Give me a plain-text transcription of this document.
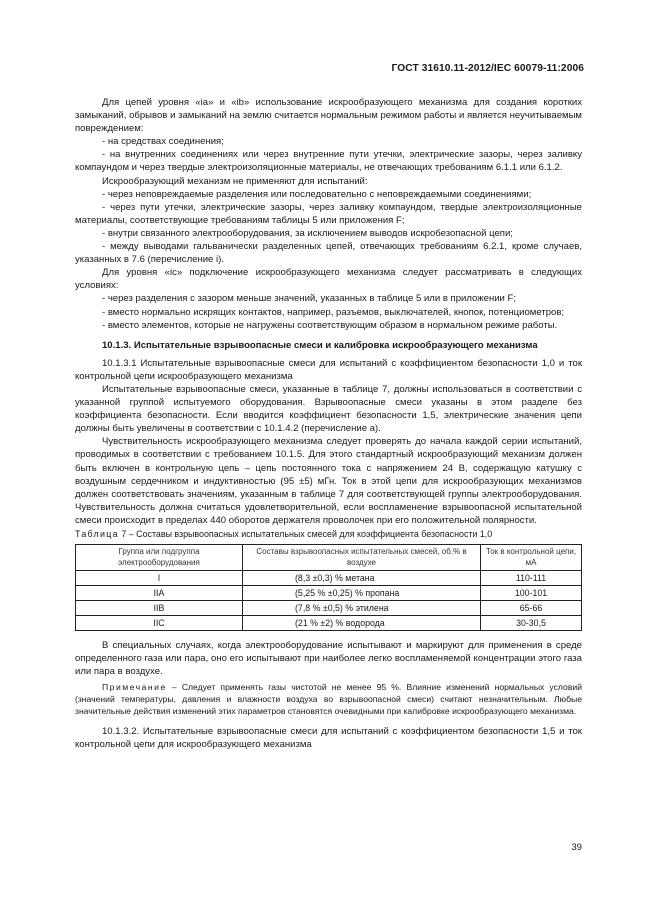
ГОСТ 31610.11-2012/IEC 60079-11:2006

Для цепей уровня «ia» и «ib» использование искрообразующего механизма для создания коротких замыканий, обрывов и замыканий на землю считается нормальным режимом работы и является неучитываемым повреждением:

- на средствах соединения;

- на внутренних соединениях или через внутренние пути утечки, электрические зазоры, через заливку компаундом и через твердые электроизоляционные материалы, не отвечающих требованиям 6.1.1 или 6.1.2.

Искрообразующий механизм не применяют для испытаний:

- через неповреждаемые разделения или последовательно с неповреждаемыми соединениями;

- через пути утечки, электрические зазоры, через заливку компаундом, твердые электроизоляционные материалы, соответствующие требованиям таблицы 5 или приложения F;

- внутри связанного электрооборудования, за исключением выводов искробезопасной цепи;

- между выводами гальванически разделенных цепей, отвечающих требованиям 6.2.1, кроме случаев, указанных в 7.6 (перечисление i).

Для уровня «ic» подключение искрообразующего механизма следует рассматривать в следующих условиях:

- через разделения с зазором меньше значений, указанных в таблице 5 или в приложении F;

- вместо нормально искрящих контактов, например, разъемов, выключателей, кнопок, потенциометров;

- вместо элементов, которые не нагружены соответствующим образом в нормальном режиме работы.

10.1.3. Испытательные взрывоопасные смеси и калибровка искрообразующего механизма

10.1.3.1 Испытательные взрывоопасные смеси для испытаний с коэффициентом безопасности 1,0 и ток контрольной цепи искрообразующего механизма

Испытательные взрывоопасные смеси, указанные в таблице 7, должны использоваться в соответствии с указанной группой испытуемого оборудования. Взрывоопасные смеси указаны в этом разделе без коэффициента безопасности. Если вводится коэффициент безопасности 1,5, электрические значения цепи должны быть увеличены в соответствии с 10.1.4.2 (перечисление а).

Чувствительность искрообразующего механизма следует проверять до начала каждой серии испытаний, проводимых в соответствии с требованием 10.1.5. Для этого стандартный искрообразующий механизм должен быть включен в контрольную цепь – цепь постоянного тока с напряжением 24 В, содержащую катушку с воздушным сердечником и индуктивностью (95 ±5) мГн. Ток в этой цепи для искрообразующих механизмов должен соответствовать значениям, указанным в таблице 7 для соответствующей группы электрооборудования. Чувствительность должна считаться удовлетворительной, если воспламенение взрывоопасной испытательной смеси происходит в пределах 440 оборотов держателя проволочек при его положительной полярности.

Таблица 7 – Составы взрывоопасных испытательных смесей для коэффициента безопасности 1,0

Группа или подгруппа электрооборудования	Составы взрывоопасных испытательных смесей, об.% в воздухе	Ток в контрольной цепи, мА
I	(8,3 ±0,3) % метана	110-111
IIA	(5,25 % ±0,25) % пропана	100-101
IIB	(7,8 % ±0,5) % этилена	65-66
IIC	(21 % ±2) % водорода	30-30,5

В специальных случаях, когда электрооборудование испытывают и маркируют для применения в среде определенного газа или пара, оно его испытывают при наиболее легко воспламеняемой концентрации этого газа или пара в воздухе.

Примечание – Следует применять газы чистотой не менее 95 %. Влияние изменений нормальных условий (значений температуры, давления и влажности воздуха во взрывоопасной смеси) считают незначительным. Любые значительные действия изменений этих параметров становятся очевидными при калибровке искрообразующего механизма.

10.1.3.2. Испытательные взрывоопасные смеси для испытаний с коэффициентом безопасности 1,5 и ток контрольной цепи для искрообразующего механизма

39
